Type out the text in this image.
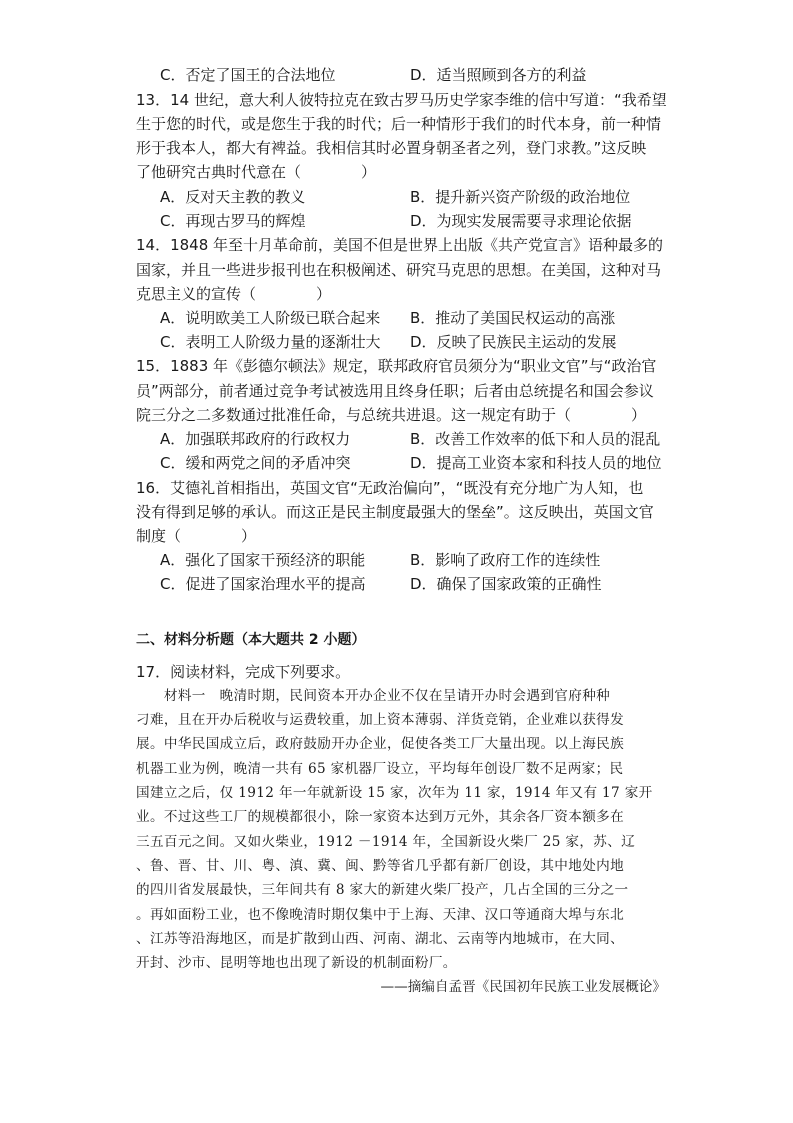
C．否定了国王的合法地位	D．适当照顾到各方的利益
13．14 世纪，意大利人彼特拉克在致古罗马历史学家李维的信中写道：“我希望
生于您的时代，或是您生于我的时代；后一种情形于我们的时代本身，前一种情
形于我本人，都大有裨益。我相信其时必置身朝圣者之列，登门求教。”这反映
了他研究古典时代意在（　　　　）
A．反对天主教的教义	B．提升新兴资产阶级的政治地位
C．再现古罗马的辉煌	D．为现实发展需要寻求理论依据
14．1848 年至十月革命前，美国不但是世界上出版《共产党宣言》语种最多的
国家，并且一些进步报刊也在积极阐述、研究马克思的思想。在美国，这种对马
克思主义的宣传（　　　　）
A．说明欧美工人阶级已联合起来 B．推动了美国民权运动的高涨
C．表明工人阶级力量的逐渐壮大 D．反映了民族民主运动的发展
15．1883 年《彭德尔顿法》规定，联邦政府官员须分为“职业文官”与“政治官
员”两部分，前者通过竞争考试被选用且终身任职；后者由总统提名和国会参议
院三分之二多数通过批准任命，与总统共进退。这一规定有助于（　　　　）
A．加强联邦政府的行政权力	B．改善工作效率的低下和人员的混乱
C．缓和两党之间的矛盾冲突	D．提高工业资本家和科技人员的地位
16．艾德礼首相指出，英国文官“无政治偏向”，“既没有充分地广为人知，也
没有得到足够的承认。而这正是民主制度最强大的堡垒”。这反映出，英国文官
制度（　　　　）
A．强化了国家干预经济的职能	B．影响了政府工作的连续性
C．促进了国家治理水平的提高	D．确保了国家政策的正确性
二、材料分析题（本大题共 2 小题）
17．阅读材料，完成下列要求。
　　材料一　晚清时期，民间资本开办企业不仅在呈请开办时会遇到官府种种
刁难，且在开办后税收与运费较重，加上资本薄弱、洋货竞销，企业难以获得发
展。中华民国成立后，政府鼓励开办企业，促使各类工厂大量出现。以上海民族
机器工业为例，晚清一共有 65 家机器厂设立，平均每年创设厂数不足两家；民
国建立之后，仅 1912 年一年就新设 15 家，次年为 11 家，1914 年又有 17 家开
业。不过这些工厂的规模都很小，除一家资本达到万元外，其余各厂资本额多在
三五百元之间。又如火柴业，1912 －1914 年，全国新设火柴厂 25 家，苏、辽
、鲁、晋、甘、川、粤、滇、冀、闽、黔等省几乎都有新厂创设，其中地处内地
的四川省发展最快，三年间共有 8 家大的新建火柴厂投产，几占全国的三分之一
。再如面粉工业，也不像晚清时期仅集中于上海、天津、汉口等通商大埠与东北
、江苏等沿海地区，而是扩散到山西、河南、湖北、云南等内地城市，在大同、
开封、沙市、昆明等地也出现了新设的机制面粉厂。
——摘编自孟晋《民国初年民族工业发展概论》
